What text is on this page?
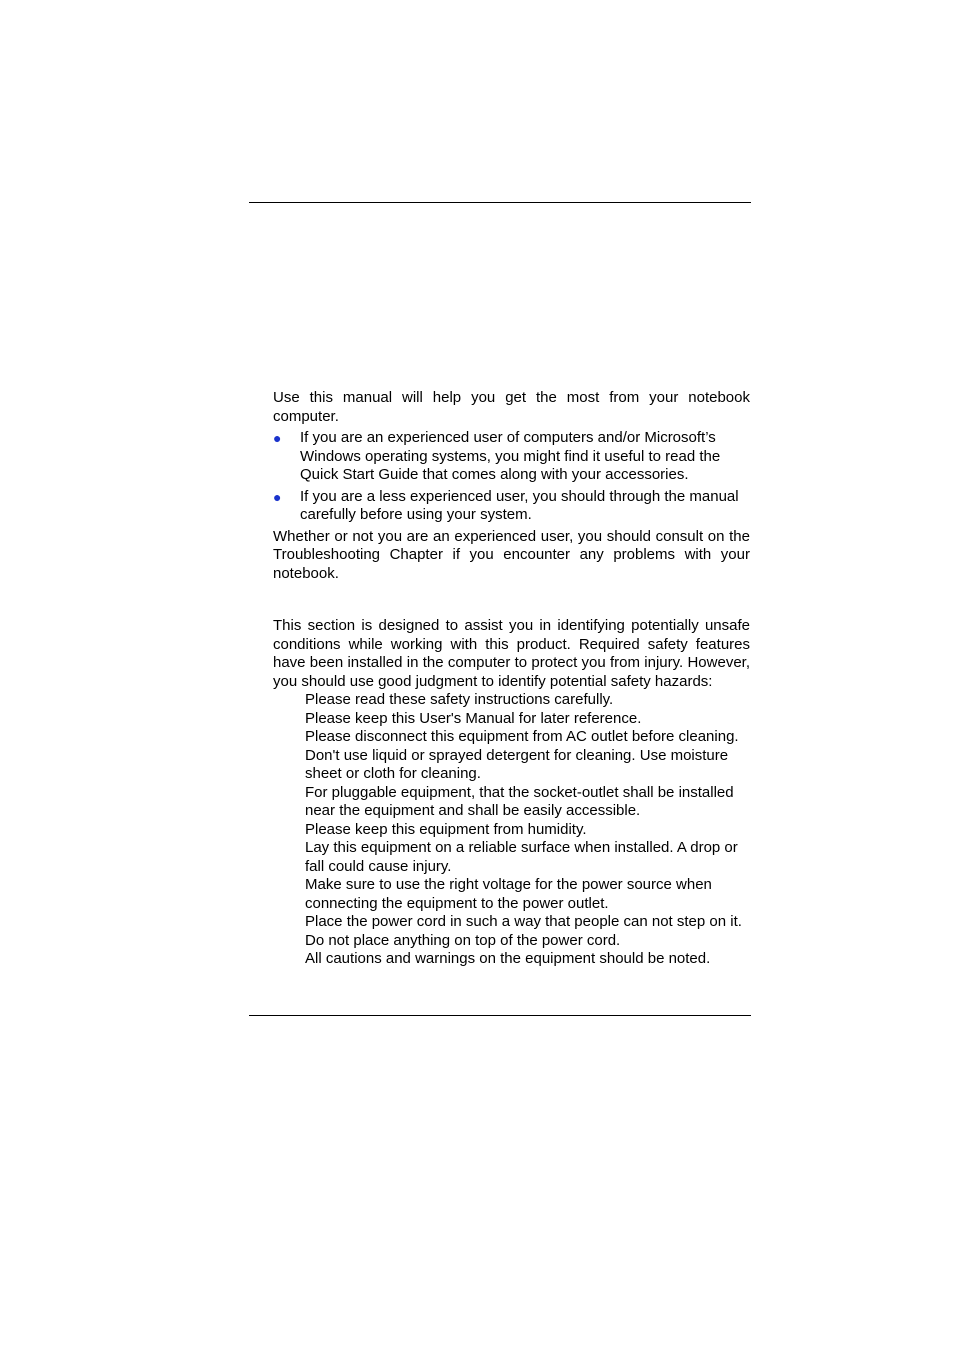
Use this manual will help you get the most from your notebook computer.

● If you are an experienced user of computers and/or Microsoft’s Windows operating systems, you might find it useful to read the Quick Start Guide that comes along with your accessories.
● If you are a less experienced user, you should through the manual carefully before using your system.

Whether or not you are an experienced user, you should consult on the Troubleshooting Chapter if you encounter any problems with your notebook.

This section is designed to assist you in identifying potentially unsafe conditions while working with this product. Required safety features have been installed in the computer to protect you from injury. However, you should use good judgment to identify potential safety hazards:

Please read these safety instructions carefully.
Please keep this User's Manual for later reference.
Please disconnect this equipment from AC outlet before cleaning. Don't use liquid or sprayed detergent for cleaning. Use moisture sheet or cloth for cleaning.
For pluggable equipment, that the socket-outlet shall be installed near the equipment and shall be easily accessible.
Please keep this equipment from humidity.
Lay this equipment on a reliable surface when installed. A drop or fall could cause injury.
Make sure to use the right voltage for the power source when connecting the equipment to the power outlet.
Place the power cord in such a way that people can not step on it. Do not place anything on top of the power cord.
All cautions and warnings on the equipment should be noted.
